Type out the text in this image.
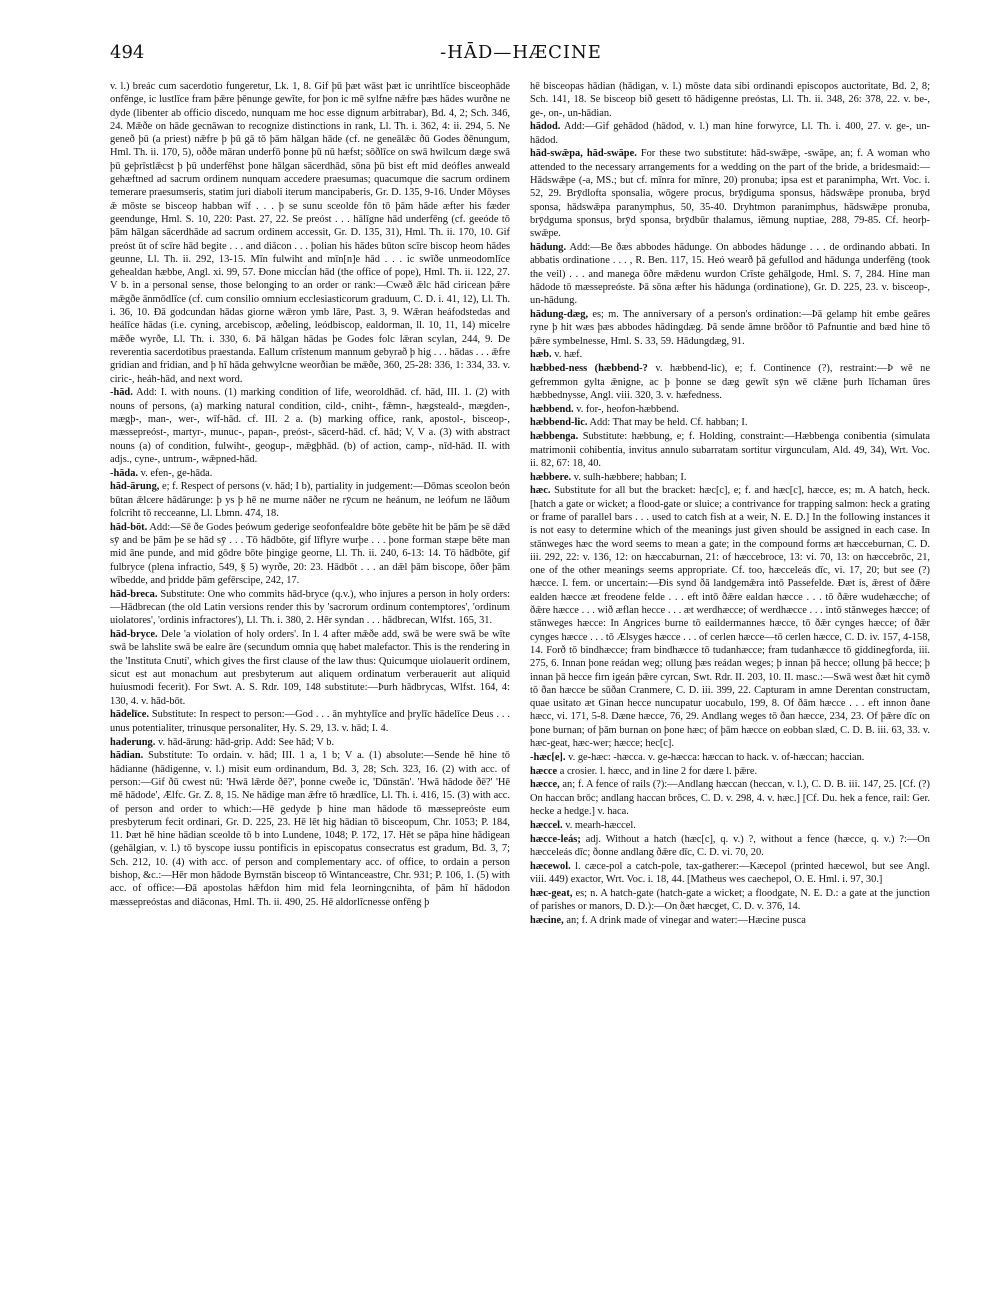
494	-HĀD—HÆCINE

v. l.) breác cum sacerdotio fungeretur, Lk. 1, 8. Gif þū þæt wāst þæt ic unrihtlīce bisceophāde onfēnge, ic lustlīce fram þǣre þēnunge gewīte, for þon ic mē sylfne nǣfre þæs hādes wurðne ne dyde (libenter ab officio discedo, nunquam me hoc esse dignum arbitrabar), Bd. 4, 2; Sch. 346, 24. Mǣðe on hāde gecnāwan to recognize distinctions in rank, Ll. Th. i. 362, 4: ii. 294, 5. Ne geneð þū (a priest) nǣfre þ þū gā tō þām hālgan hāde (cf. ne geneālǣc ðū Godes ðēnungum, Hml. Th. ii. 170, 5), oððe māran underfō þonne þū nū hæfst; sōðlīce on swā hwilcum dæge swā þū geþrīstlǣcst þ þū underfēhst þone hālgan sācerdhād, sōna þū bist eft mid deófles anweald gehæftned ad sacrum ordinem nunquam accedere praesumas; quacumque die sacrum ordinem temerare praesumseris, statim juri diaboli iterum mancipaberis, Gr. D. 135, 9-16. Under Mōyses ǣ mōste se bisceop habban wīf . . . þ se sunu sceolde fōn tō þām hāde æfter his fæder geendunge, Hml. S. 10, 220: Past. 27, 22. Se preóst . . . hālīgne hād underfēng (cf. geeóde tō þām hālgan sācerdhāde ad sacrum ordinem accessit, Gr. D. 135, 31), Hml. Th. ii. 170, 10. Gif preóst ūt of scīre hād begite . . . and diācon . . . þolian his hādes būton scīre biscop heom hādes geunne, Ll. Th. ii. 292, 13-15. Mīn fulwiht and mīn[n]e hād . . . ic swīðe unmeodomlīce gehealdan hæbbe, Angl. xi. 99, 57. Ðone miccĺan hād (the office of pope), Hml. Th. ii. 122, 27. V b. in a personal sense, those belonging to an order or rank:—Cwæð ǣlc hād ciricean þǣre mǣgðe ānmōdlīce (cf. cum consilio omnium ecclesiasticorum graduum, C. D. i. 41, 12), Ll. Th. i. 36, 10. Ðā godcundan hādas giorne wǣron ymb lāre, Past. 3, 9. Wǣran heáfodstedas and heálīce hādas (i.e. cyning, arcebiscop, æðeling, leódbiscop, ealdorman, ll. 10, 11, 14) micelre mǣðe wyrðe, Ll. Th. i. 330, 6. Þā hālgan hādas þe Godes folc lǣran scylan, 244, 9. De reverentia sacerdotibus praestanda. Eallum crīstenum mannum gebyrað þ hig . . . hādas . . . ǣfre gridian and fridian, and þ hī hāda gehwylcne weorðian be mǣðe, 360, 25-28: 336, 1: 334, 33. v. ciric-, heáh-hād, and next word.

-hād. Add: I. with nouns. (1) marking condition of life, weoroldhād. cf. hād, III. 1. (2) with nouns of persons, (a) marking natural condition, cild-, cniht-, fǣmn-, hægsteald-, mægden-, mægþ-, man-, wer-, wīf-hād. cf. III. 2 a. (b) marking office, rank, apostol-, bisceop-, mæssepreóst-, martyr-, munuc-, papan-, preóst-, sācerd-hād. cf. hād; V, V a. (3) with abstract nouns (a) of condition, fulwiht-, geogup-, mǣgþhād. (b) of action, camp-, nīd-hād. II. with adjs., cyne-, untrum-, wǣpned-hād.

-hāda. v. efen-, ge-hāda.

hād-ārung, e; f. Respect of persons (v. hād; I b), partiality in judgement:—Dōmas sceolon beón būtan ǣlcere hādārunge: þ ys þ hē ne murne nāðer ne rȳcum ne heánum, ne leófum ne lāðum folcriht tō recceanne, Ll. Lbmn. 474, 18.

hād-bōt. Add:—Sē ðe Godes þeówum gederige seofonfealdre bōte gebēte hit be þām þe sē dǣd sȳ and be þām þe se hād sȳ . . . Tō hādbōte, gif līflyre wurþe . . . þone forman stæpe bēte man mid āne punde, and mid gōdre bōte þingige georne, Ll. Th. ii. 240, 6-13: 14. Tō hādbōte, gif fulbryce (plena infractio, 549, § 5) wyrðe, 20: 23. Hādbōt . . . an dǣl þām biscope, ōðer þām wībedde, and þridde þām gefērscipe, 242, 17.

hād-breca. Substitute: One who commits hād-bryce (q.v.), who injures a person in holy orders:—Hādbrecan (the old Latin versions render this by 'sacrorum ordinum contemptores', 'ordinum uiolatores', 'ordinis infractores'), Ll. Th. i. 380, 2. Hēr syndan . . . hādbrecan, Wlfst. 165, 31.

hād-bryce. Dele 'a violation of holy orders'. In l. 4 after mǣðe add, swā be were swā be wīte swā be lahslite swā be ealre āre (secundum omnia quę habet malefactor. This is the rendering in the 'Instituta Cnuti', which gives the first clause of the law thus: Quicumque uiolauerit ordinem, sicut est aut monachum aut presbyterum aut aliquem ordinatum verberauerit aut aliquid huiusmodi fecerit). For Swt. A. S. Rdr. 109, 148 substitute:—Þurh hādbrycas, Wlfst. 164, 4: 130, 4. v. hād-bōt.

hādelīce. Substitute: In respect to person:—God . . . ān myhtylīce and þrylīc hādelīce Deus . . . unus potentialiter, trinusque personaliter, Hy. S. 29, 13. v. hād; I. 4.

haderung. v. hād-ārung: hād-grip. Add: See hād; V b.

hādian. Substitute: To ordain. v. hād; III. 1 a, 1 b; V a. (1) absolute:—Sende hē hine tō hādianne (hādigenne, v. l.) misit eum ordinandum, Bd. 3, 28; Sch. 323, 16. (2) with acc. of person:—Gif ðū cwest nū: 'Hwā lǣrde ðē?', þonne cweðe ic, 'Dūnstān'. 'Hwā hādode ðē?' 'Hē mē hādode', Ælfc. Gr. Z. 8, 15. Ne hādige man ǣfre tō hrædlīce, Ll. Th. i. 416, 15. (3) with acc. of person and order to which:—Hē gedyde þ hine man hādode tō mæssepreóste eum presbyterum fecit ordinari, Gr. D. 225, 23. Hē lēt hig hādian tō bisceopum, Chr. 1053; P. 184, 11. Þæt hē hine hādian sceolde tō b into Lundene, 1048; P. 172, 17. Hēt se pāpa hine hādigean (gehālgian, v. l.) tō byscope iussu pontificis in episcopatus consecratus est gradum, Bd. 3, 7; Sch. 212, 10. (4) with acc. of person and complementary acc. of office, to ordain a person bishop, &c.:—Hēr mon hādode Byrnstān bisceop tō Wintanceastre, Chr. 931; P. 106, 1. (5) with acc. of office:—Ðā apostolas hǣfdon him mid fela leorningcnihta, of þām hī hādodon mæssepreóstas and diāconas, Hml. Th. ii. 490, 25. Hē aldorlīcnesse onfēng þ

hē bisceopas hādian (hādigan, v. l.) mōste data sibi ordinandi episcopos auctoritate, Bd. 2, 8; Sch. 141, 18. Se bisceop bið gesett tō hādigenne preóstas, Ll. Th. ii. 348, 26: 378, 22. v. be-, ge-, on-, un-hādian.

hādod. Add:—Gif gehādod (hādod, v. l.) man hine forwyrce, Ll. Th. i. 400, 27. v. ge-, un-hādod.

hād-swǣpa, hād-swāpe. For these two substitute: hād-swǣpe, -swāpe, an; f. A woman who attended to the necessary arrangements for a wedding on the part of the bride, a bridesmaid:—Hādswǣpe (-a, MS.; but cf. mīnra for mīnre, 20) pronuba; ipsa est et paranimpha, Wrt. Voc. i. 52, 29. Brȳdlofta sponsalia, wōgere procus, brȳdiguma sponsus, hādswǣpe pronuba, brȳd sponsa, hādswǣpa paranymphus, 50, 35-40. Dryhtmon paranimphus, hādswǣpe pronuba, brȳdguma sponsus, brȳd sponsa, brȳdbūr thalamus, iēmung nuptiae, 288, 79-85. Cf. heorþ-swǣpe.

hādung. Add:—Be ðæs abbodes hādunge. On abbodes hādunge . . . de ordinando abbati. In abbatis ordinatione . . . , R. Ben. 117, 15. Heó wearð þā gefullod and hādunga underfēng (took the veil) . . . and manega ōðre mǣdenu wurdon Crīste gehālgode, Hml. S. 7, 284. Hine man hādode tō mæssepreóste. Þā sōna æfter his hādunga (ordinatione), Gr. D. 225, 23. v. bisceop-, un-hādung.

hādung-dæg, es; m. The anniversary of a person's ordination:—Þā gelamp hit embe geāres ryne þ hit wæs þæs abbodes hādingdæg. Þā sende āmne brōðor tō Pafnuntie and bæd hine tō þǣre symbelnesse, Hml. S. 33, 59. Hādungdæg, 91.

hæb. v. hæf.

hæbbed-ness (hæbbend-? v. hæbbend-lic), e; f. Continence (?), restraint:—Þ wē ne gefremmon gylta ǣnigne, ac þ þonne se dæg gewīt sȳn wē clǣne þurh līchaman ūres hæbbednysse, Angl. viii. 320, 3. v. hæfedness.

hæbbend. v. for-, heofon-hæbbend.

hæbbend-lic. Add: That may be held. Cf. habban; I.

hæbbenga. Substitute: hæbbung, e; f. Holding, constraint:—Hæbbenga conibentia (simulata matrimonii cohibentia, invitus annulo subarratam sortitur virgunculam, Ald. 49, 34), Wrt. Voc. ii. 82, 67: 18, 40.

hæbbere. v. sulh-hæbbere; habban; I.

hæc. Substitute for all but the bracket: hæc[c], e; f. and hæc[c], hæcce, es; m. A hatch, heck. [hatch a gate or wicket; a flood-gate or sluice; a contrivance for trapping salmon: heck a grating or frame of parallel bars . . . used to catch fish at a weir, N. E. D.] In the following instances it is not easy to determine which of the meanings just given should be assigned in each case. In stānweges hæc the word seems to mean a gate; in the compound forms æt hæcceburnan, C. D. iii. 292, 22: v. 136, 12: on hæccaburnan, 21: of hæccebroce, 13: vi. 70, 13: on hæccebrōc, 21, one of the other meanings seems appropriate. Cf. too, hæcceleás dīc, vi. 17, 20; but see (?) hæcce. I. fem. or uncertain:—Ðis synd ðā landgemǣra intō Passefelde. Ðæt is, ǣrest of ðǣre ealden hæcce æt freodene felde . . . eft intō ðǣre ealdan hæcce . . . tō ðǣre wudehæcche; of ðǣre hæcce . . . wið æflan hecce . . . æt werdhæcce; of werdhæcce . . . intō stānweges hæcce; of stānweges hæcce: In Angrices burne tō eaildermannes hæcce, tō ðǣr cynges hæcce; of ðǣr cynges hæcce . . . tō Ælsyges hæcce . . . of cerlen hæcce—tō cerlen hæcce, C. D. iv. 157, 4-158, 14. Forð tō bindhæcce; fram bindhæcce tō tudanhæcce; fram tudanhæcce tō giddinegforda, iii. 275, 6. Innan þone reádan weg; ollung þæs reádan weges; þ innan þā hecce; ollung þā hecce; þ innan þā hecce firn igeán þǣre cyrcan, Swt. Rdr. II. 203, 10. II. masc.:—Swā west ðæt hit cymð tō ðan hæcce be sūðan Cranmere, C. D. iii. 399, 22. Capturam in amne Derentan constructam, quae usitato æt Ginan hecce nuncupatur uocabulo, 199, 8. Of ðām hæcce . . . eft innon ðane hæcc, vi. 171, 5-8. Dæne hæcce, 76, 29. Andlang weges tō ðan hæcce, 234, 23. Of þǣre dīc on þone burnan; of þām burnan on þone hæc; of þām hæcce on eobban slæd, C. D. B. iii. 63, 33. v. hæc-geat, hæc-wer; hæcce; hec[c].

-hæc[e]. v. ge-hæc: -hæcca. v. ge-hæcca: hæccan to hack. v. of-hæccan; haccian.

hæcce a crosier. l. hæcc, and in line 2 for dære l. þǣre.

hæcce, an; f. A fence of rails (?):—Andlang hæccan (heccan, v. l.), C. D. B. iii. 147, 25. [Cf. (?) On haccan brōc; andlang haccan brōces, C. D. v. 298, 4. v. hæc.] [Cf. Du. hek a fence, rail: Ger. hecke a hedge.] v. haca.

hæccel. v. mearh-hæccel.

hæcce-leás; adj. Without a hatch (hæc[c], q. v.) ?, without a fence (hæcce, q. v.) ?:—On hæcceleás dīc; ðonne andlang ðǣre dīc, C. D. vi. 70, 20.

hæcewol. l. cæce-pol a catch-pole, tax-gatherer:—Kæcepol (printed hæcewol, but see Angl. viii. 449) exactor, Wrt. Voc. i. 18, 44. [Matheus wes caechepol, O. E. Hml. i. 97, 30.]

hæc-geat, es; n. A hatch-gate (hatch-gate a wicket; a floodgate, N. E. D.: a gate at the junction of parishes or manors, D. D.):—On ðæt hæcget, C. D. v. 376, 14.

hæcine, an; f. A drink made of vinegar and water:—Hæcine pusca
